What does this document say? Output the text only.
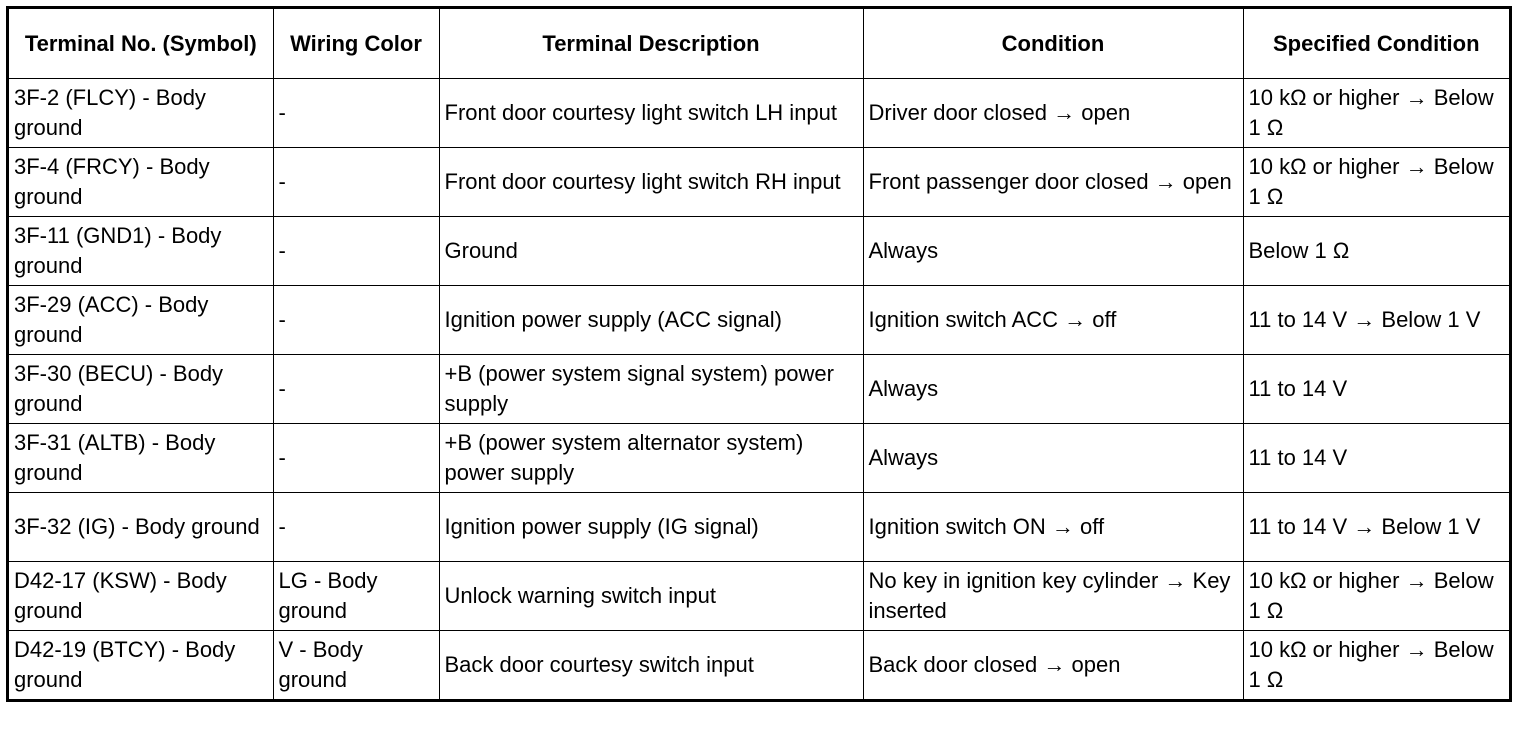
Terminal No. (Symbol)	Wiring Color	Terminal Description	Condition	Specified Condition
3F-2 (FLCY) - Body ground	-	Front door courtesy light switch LH input	Driver door closed → open	10 kΩ or higher → Below 1 Ω
3F-4 (FRCY) - Body ground	-	Front door courtesy light switch RH input	Front passenger door closed → open	10 kΩ or higher → Below 1 Ω
3F-11 (GND1) - Body ground	-	Ground	Always	Below 1 Ω
3F-29 (ACC) - Body ground	-	Ignition power supply (ACC signal)	Ignition switch ACC → off	11 to 14 V → Below 1 V
3F-30 (BECU) - Body ground	-	+B (power system signal system) power supply	Always	11 to 14 V
3F-31 (ALTB) - Body ground	-	+B (power system alternator system) power supply	Always	11 to 14 V
3F-32 (IG) - Body ground	-	Ignition power supply (IG signal)	Ignition switch ON → off	11 to 14 V → Below 1 V
D42-17 (KSW) - Body ground	LG - Body ground	Unlock warning switch input	No key in ignition key cylinder → Key inserted	10 kΩ or higher → Below 1 Ω
D42-19 (BTCY) - Body ground	V - Body ground	Back door courtesy switch input	Back door closed → open	10 kΩ or higher → Below 1 Ω
